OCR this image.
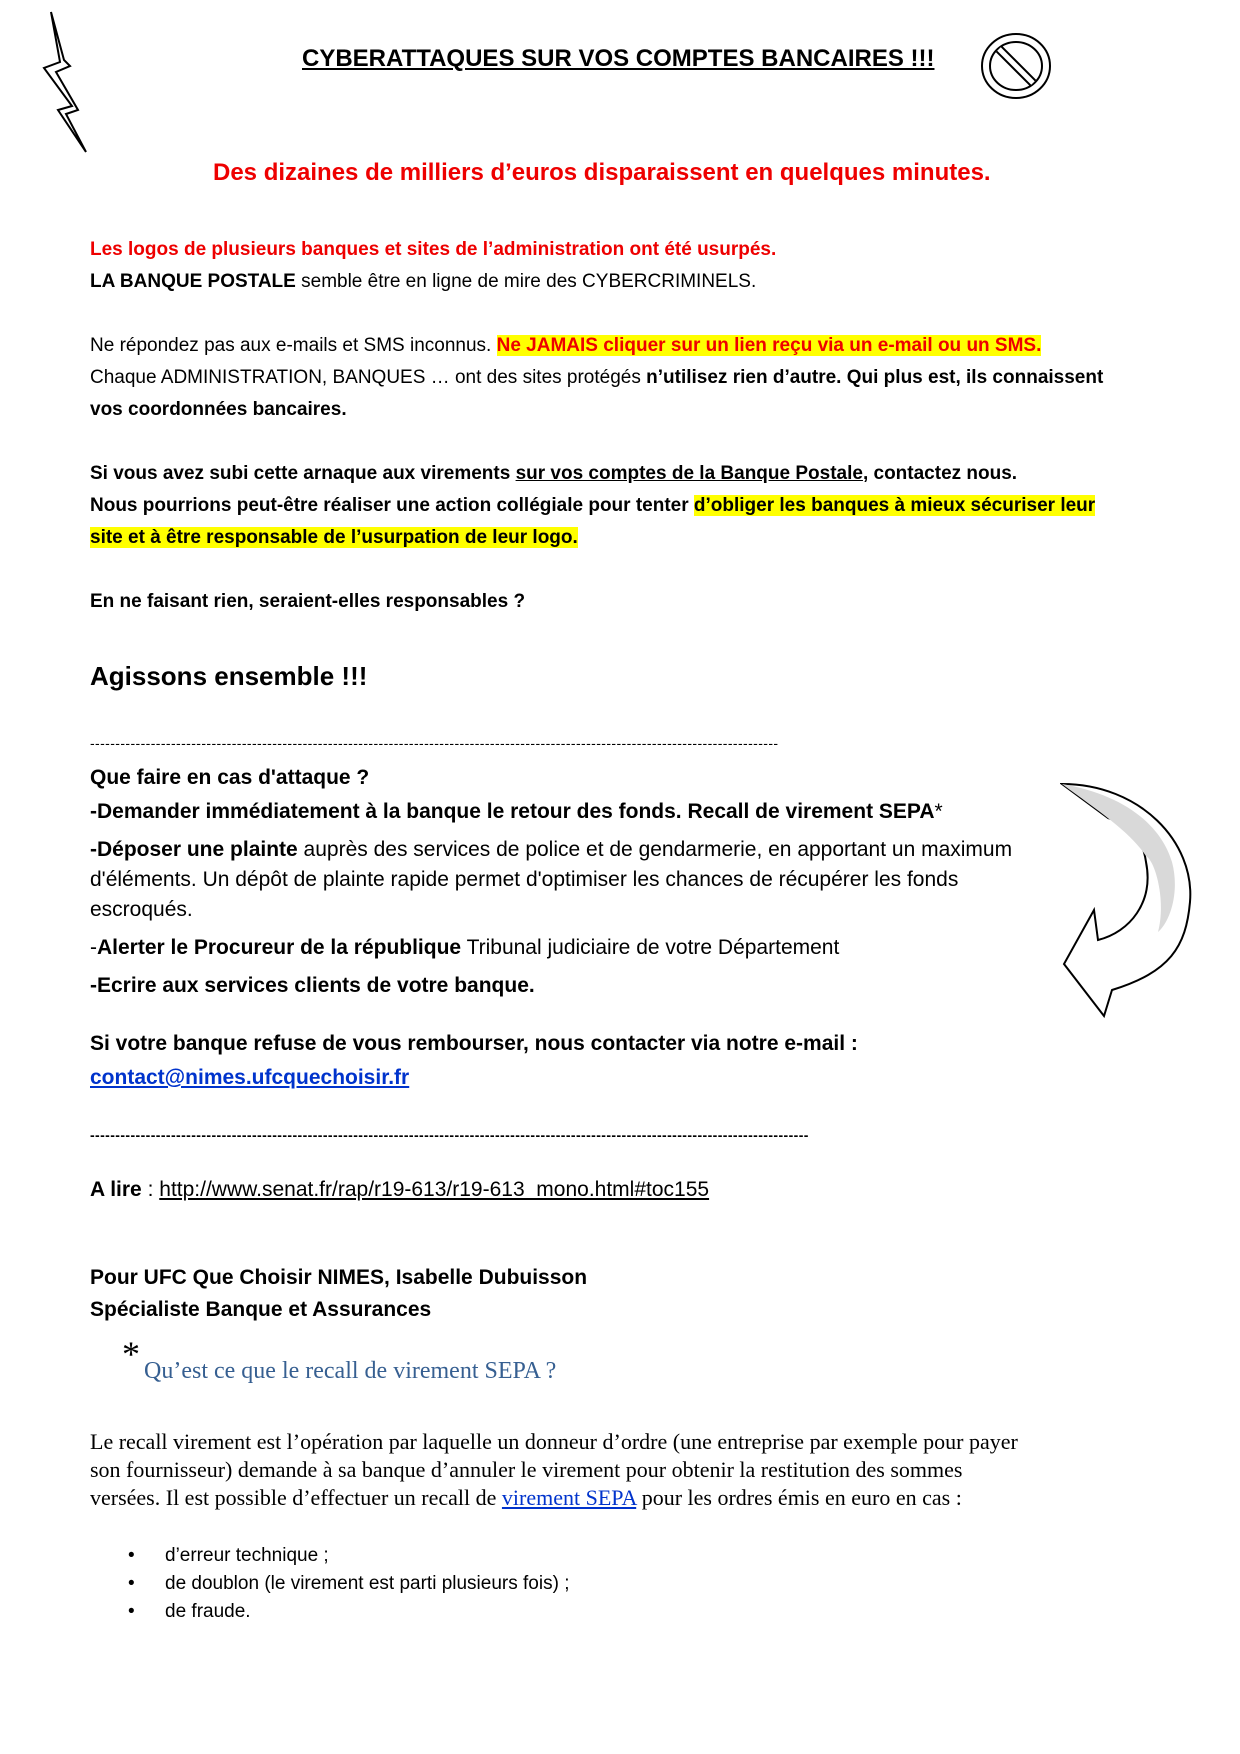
CYBERATTAQUES SUR VOS COMPTES BANCAIRES !!!
Des dizaines de milliers d’euros disparaissent en quelques minutes.
Les logos de plusieurs banques et sites de l’administration ont été usurpés.
LA BANQUE POSTALE semble être en ligne de mire des CYBERCRIMINELS.
Ne répondez pas aux e-mails et SMS inconnus. Ne JAMAIS cliquer sur un lien reçu via un e-mail ou un SMS.
Chaque ADMINISTRATION, BANQUES … ont des sites protégés n’utilisez rien d’autre. Qui plus est, ils connaissent
vos coordonnées bancaires.
Si vous avez subi cette arnaque aux virements sur vos comptes de la Banque Postale, contactez nous.
Nous pourrions peut-être réaliser une action collégiale pour tenter d’obliger les banques à mieux sécuriser leur
site et à être responsable de l’usurpation de leur logo.
En ne faisant rien, seraient-elles responsables ?
Agissons ensemble !!!
----------------------------------------------------------------------------------------------------------------------------------------
Que faire en cas d'attaque ?
-Demander immédiatement à la banque le retour des fonds. Recall de virement SEPA*
-Déposer une plainte auprès des services de police et de gendarmerie, en apportant un maximum
d'éléments. Un dépôt de plainte rapide permet d'optimiser les chances de récupérer les fonds
escroqués.
-Alerter le Procureur de la république Tribunal judiciaire de votre Département
-Ecrire aux services clients de votre banque.
Si votre banque refuse de vous rembourser, nous contacter via notre e-mail :
contact@nimes.ufcquechoisir.fr
----------------------------------------------------------------------------------------------------------------------------------------------
A lire : http://www.senat.fr/rap/r19-613/r19-613_mono.html#toc155
Pour UFC Que Choisir NIMES, Isabelle Dubuisson
Spécialiste Banque et Assurances
* Qu’est ce que le recall de virement SEPA ?
Le recall virement est l’opération par laquelle un donneur d’ordre (une entreprise par exemple pour payer
son fournisseur) demande à sa banque d’annuler le virement pour obtenir la restitution des sommes
versées. Il est possible d’effectuer un recall de virement SEPA pour les ordres émis en euro en cas :
• d’erreur technique ;
• de doublon (le virement est parti plusieurs fois) ;
• de fraude.
